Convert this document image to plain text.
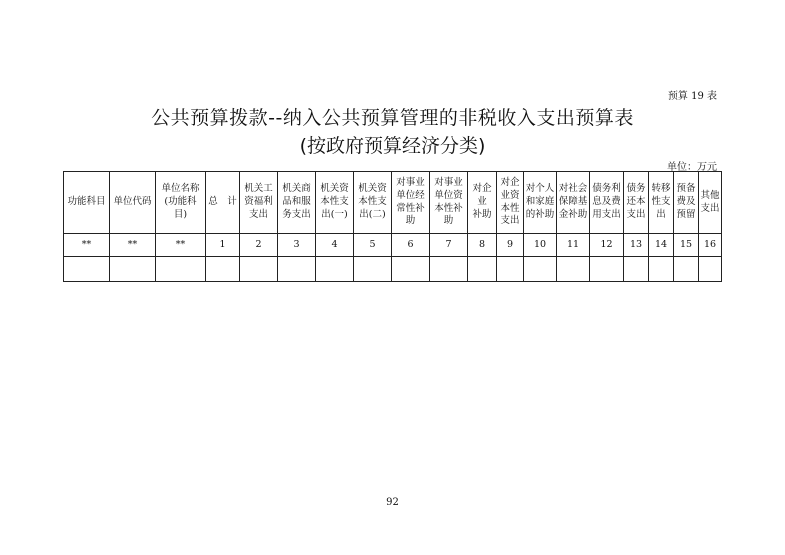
预算 19 表
公共预算拨款--纳入公共预算管理的非税收入支出预算表
(按政府预算经济分类)
单位：万元
功能科目	单位代码	单位名称
(功能科
目)	总　计	机关工
资福利
支出	机关商
品和服
务支出	机关资
本性支
出(一)	机关资
本性支
出(二)	对事业
单位经
常性补
助	对事业
单位资
本性补
助	对企业
补助	对企
业资
本性
支出	对个人
和家庭
的补助	对社会
保障基
金补助	债务利
息及费
用支出	债务
还本
支出	转移
性支
出	预备
费及
预留	其他
支出

**	**	**	1	2	3	4	5	6	7	8	9	10	11	12	13	14	15	16

92
